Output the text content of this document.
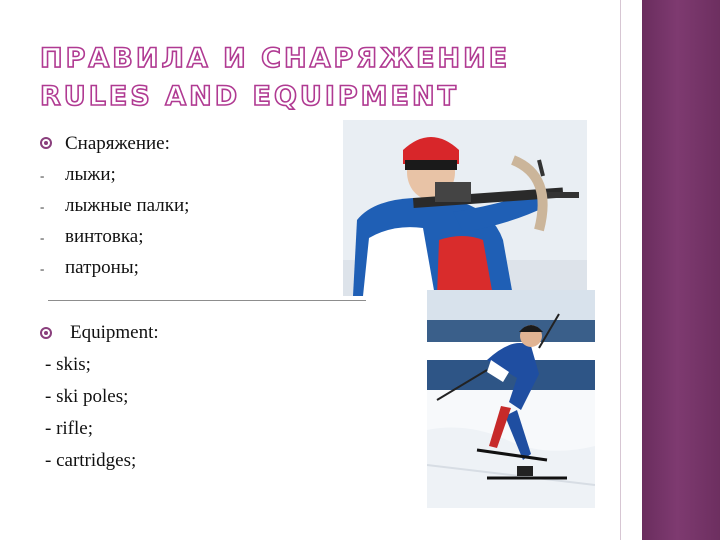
ПРАВИЛА И СНАРЯЖЕНИЕ
RULES AND EQUIPMENT
Снаряжение:
- лыжи;
- лыжные палки;
- винтовка;
- патроны;
Equipment:
- skis;
- ski poles;
- rifle;
- cartridges;
